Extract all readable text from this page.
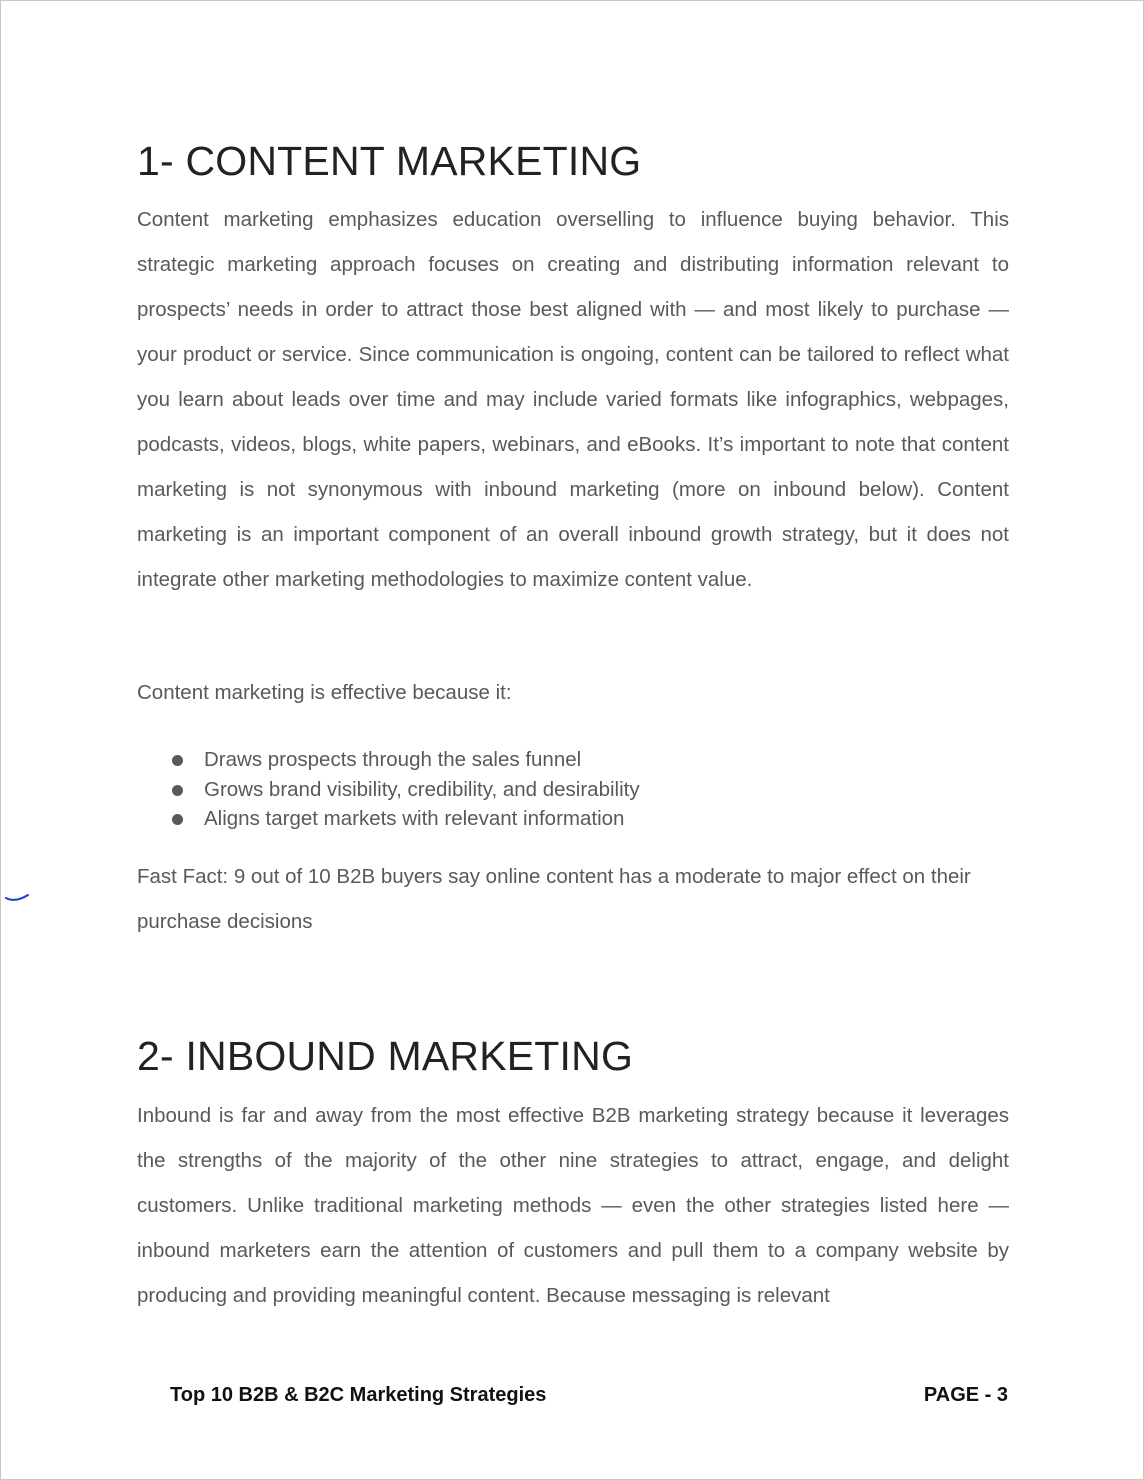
1- CONTENT MARKETING

Content marketing emphasizes education overselling to influence buying behavior. This strategic marketing approach focuses on creating and distributing information relevant to prospects’ needs in order to attract those best aligned with — and most likely to purchase — your product or service. Since communication is ongoing, content can be tailored to reflect what you learn about leads over time and may include varied formats like infographics, webpages, podcasts, videos, blogs, white papers, webinars, and eBooks. It’s important to note that content marketing is not synonymous with inbound marketing (more on inbound below). Content marketing is an important component of an overall inbound growth strategy, but it does not integrate other marketing methodologies to maximize content value.

Content marketing is effective because it:

Draws prospects through the sales funnel
Grows brand visibility, credibility, and desirability
Aligns target markets with relevant information

Fast Fact: 9 out of 10 B2B buyers say online content has a moderate to major effect on their purchase decisions

2- INBOUND MARKETING

Inbound is far and away from the most effective B2B marketing strategy because it leverages the strengths of the majority of the other nine strategies to attract, engage, and delight customers. Unlike traditional marketing methods — even the other strategies listed here — inbound marketers earn the attention of customers and pull them to a company website by producing and providing meaningful content. Because messaging is relevant

Top 10 B2B & B2C Marketing Strategies	PAGE - 3
